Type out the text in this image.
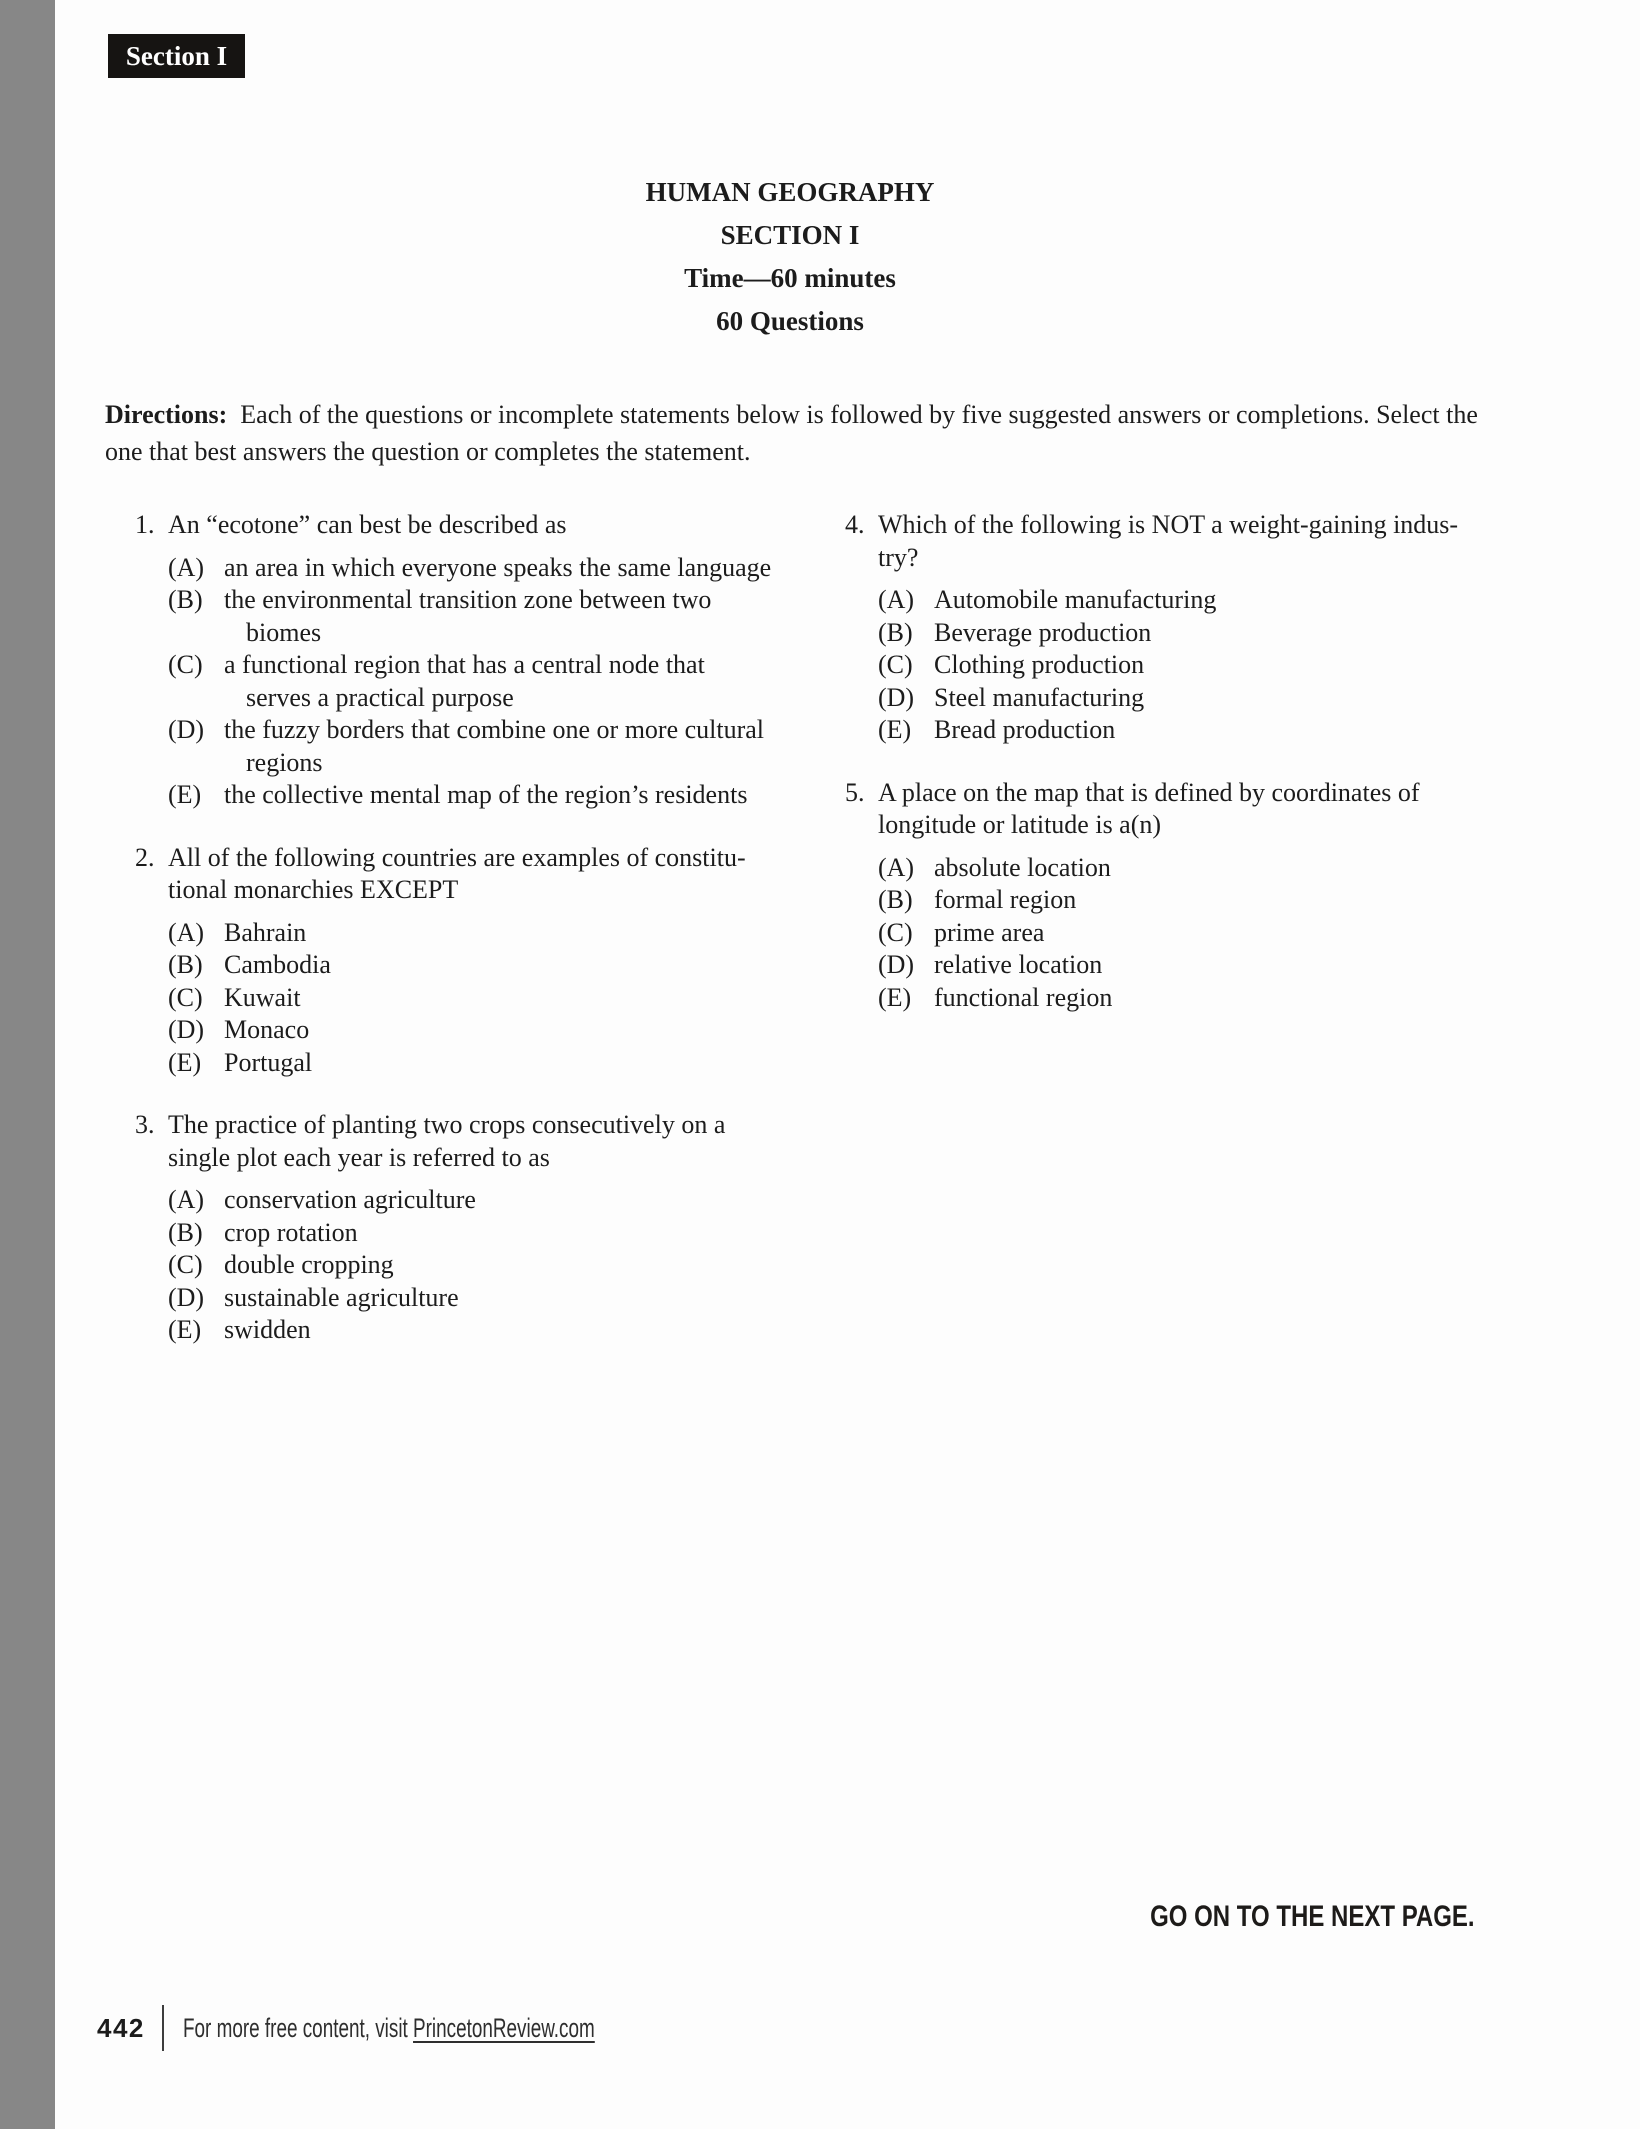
Section I
HUMAN GEOGRAPHY
SECTION I
Time—60 minutes
60 Questions
Directions: Each of the questions or incomplete statements below is followed by five suggested answers or completions. Select the
one that best answers the question or completes the statement.
1. An “ecotone” can best be described as
(A) an area in which everyone speaks the same language
(B) the environmental transition zone between two
biomes
(C) a functional region that has a central node that
serves a practical purpose
(D) the fuzzy borders that combine one or more cultural
regions
(E) the collective mental map of the region’s residents
2. All of the following countries are examples of constitu-
tional monarchies EXCEPT
(A) Bahrain
(B) Cambodia
(C) Kuwait
(D) Monaco
(E) Portugal
3. The practice of planting two crops consecutively on a
single plot each year is referred to as
(A) conservation agriculture
(B) crop rotation
(C) double cropping
(D) sustainable agriculture
(E) swidden
4. Which of the following is NOT a weight-gaining indus-
try?
(A) Automobile manufacturing
(B) Beverage production
(C) Clothing production
(D) Steel manufacturing
(E) Bread production
5. A place on the map that is defined by coordinates of
longitude or latitude is a(n)
(A) absolute location
(B) formal region
(C) prime area
(D) relative location
(E) functional region
GO ON TO THE NEXT PAGE.
442 For more free content, visit PrincetonReview.com
